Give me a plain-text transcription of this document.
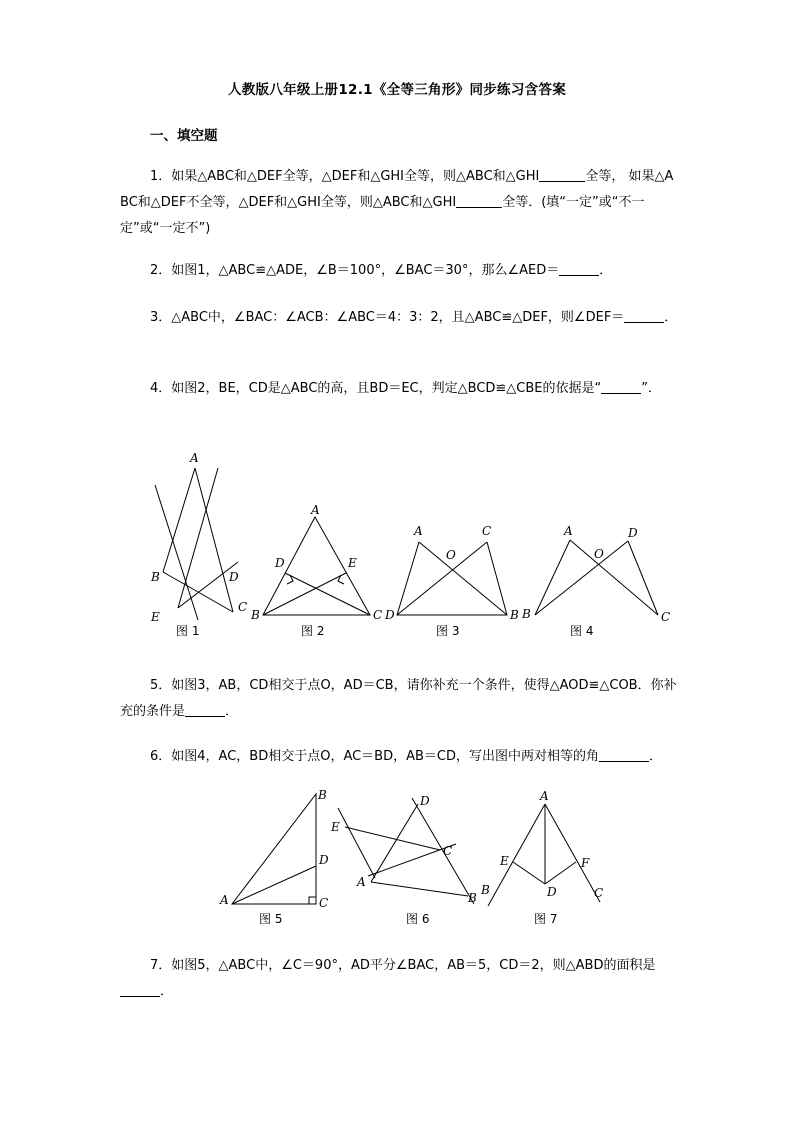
人教版八年级上册12.1《全等三角形》同步练习含答案
一、填空题

1．如果△ABC和△DEF全等，△DEF和△GHI全等，则△ABC和△GHI	全等， 如果△ABC和△DEF不全等，△DEF和△GHI全等，则△ABC和△GHI	全等．(填“一定”或“不一定”或“一定不”)

2．如图1，△ABC≌△ADE，∠B＝100°，∠BAC＝30°，那么∠AED＝	．

3．△ABC中，∠BAC：∠ACB：∠ABC＝4：3：2，且△ABC≌△DEF，则∠DEF＝	．

4．如图2，BE，CD是△ABC的高，且BD＝EC，判定△BCD≌△CBE的依据是“	”．

A
B
C
D
E
图 1
A
B	C
D	E
图 2
A	C
O
D	B
图 3
A	D
O
B	C
图 4

5．如图3，AB，CD相交于点O，AD＝CB，请你补充一个条件，使得△AOD≌△COB．你补充的条件是	．

6．如图4，AC，BD相交于点O，AC＝BD，AB＝CD，写出图中两对相等的角	．

B
D
A	C
图 5
D
E
C
A
B
图 6
A
E	F
D
B	C
图 7

7．如图5，△ABC中，∠C＝90°，AD平分∠BAC，AB＝5，CD＝2，则△ABD的面积是．
